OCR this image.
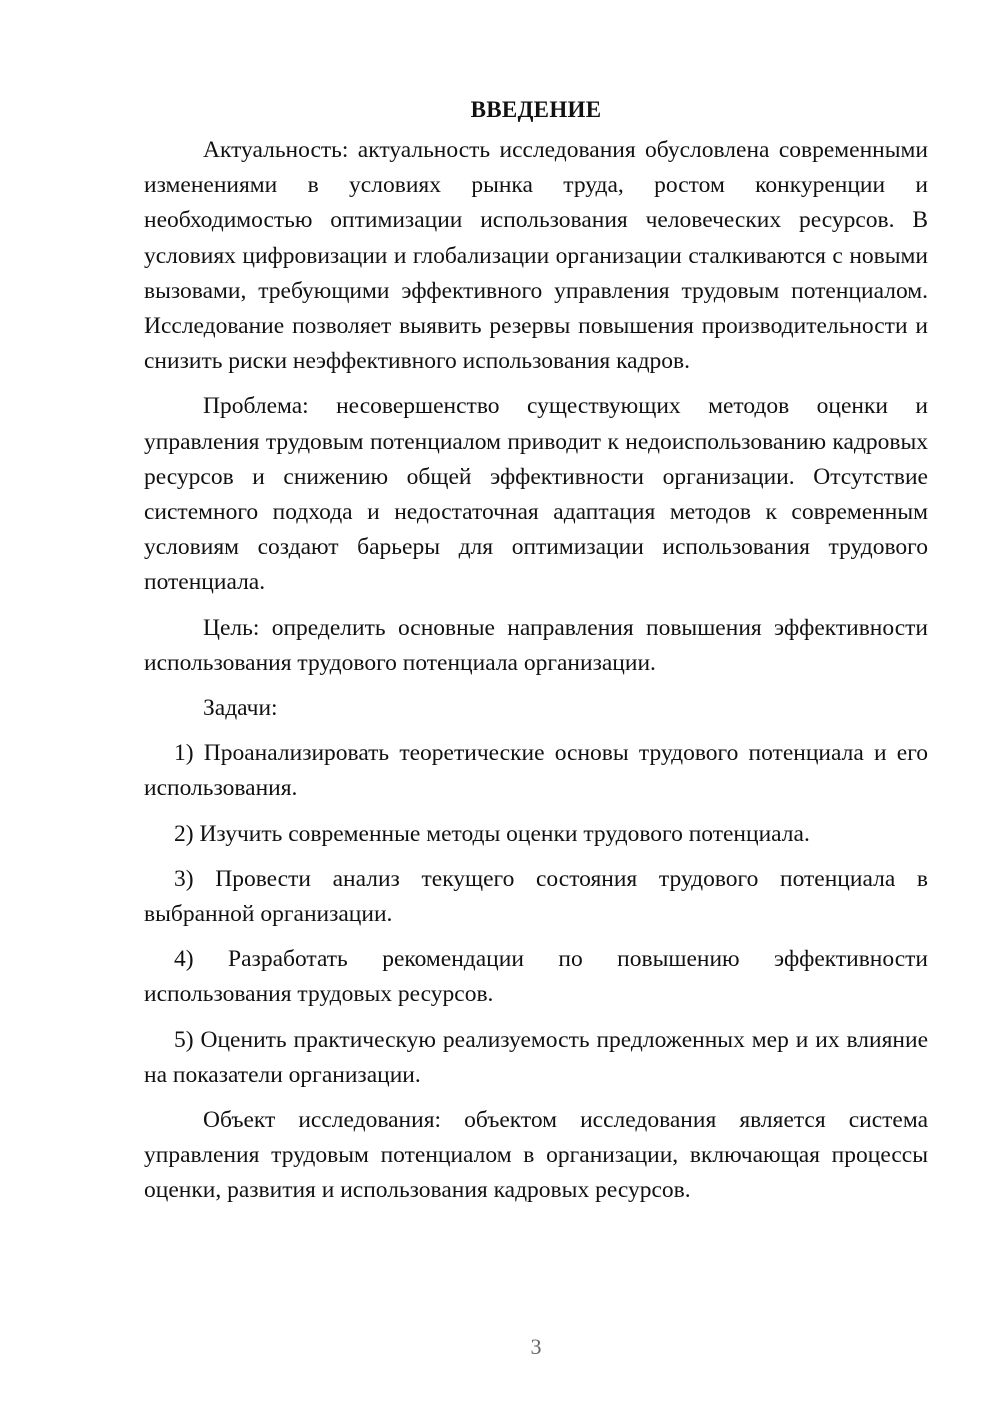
ВВЕДЕНИЕ

Актуальность: актуальность исследования обусловлена современными изменениями в условиях рынка труда, ростом конкуренции и необходимостью оптимизации использования человеческих ресурсов. В условиях цифровизации и глобализации организации сталкиваются с новыми вызовами, требующими эффективного управления трудовым потенциалом. Исследование позволяет выявить резервы повышения производительности и снизить риски неэффективного использования кадров.

Проблема: несовершенство существующих методов оценки и управления трудовым потенциалом приводит к недоиспользованию кадровых ресурсов и снижению общей эффективности организации. Отсутствие системного подхода и недостаточная адаптация методов к современным условиям создают барьеры для оптимизации использования трудового потенциала.

Цель: определить основные направления повышения эффективности использования трудового потенциала организации.

Задачи:

1) Проанализировать теоретические основы трудового потенциала и его использования.

2) Изучить современные методы оценки трудового потенциала.

3) Провести анализ текущего состояния трудового потенциала в выбранной организации.

4) Разработать рекомендации по повышению эффективности использования трудовых ресурсов.

5) Оценить практическую реализуемость предложенных мер и их влияние на показатели организации.

Объект исследования: объектом исследования является система управления трудовым потенциалом в организации, включающая процессы оценки, развития и использования кадровых ресурсов.

3
